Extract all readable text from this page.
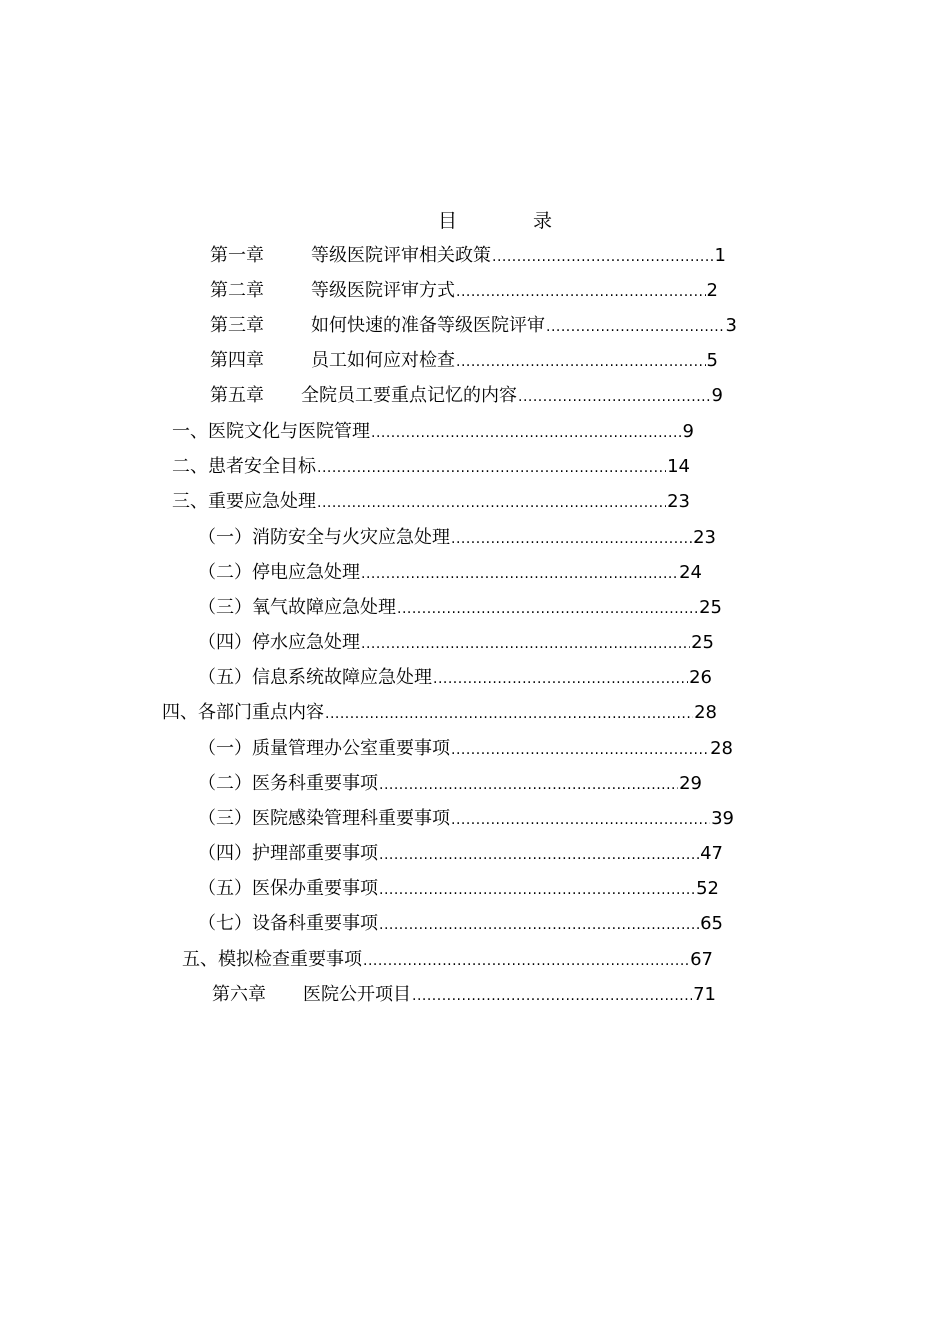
目	录
第一章	等级医院评审相关政策 .....	1
第二章	等级医院评审方式 .....	2
第三章	如何快速的准备等级医院评审 .....	3
第四章	员工如何应对检查 .....	5
第五章	全院员工要重点记忆的内容 .....	9
一、医院文化与医院管理 .....	9
二、患者安全目标 .....	14
三、重要应急处理 .....	23
（一）消防安全与火灾应急处理 .....	23
（二）停电应急处理 .....	24
（三）氧气故障应急处理 .....	25
（四）停水应急处理 .....	25
（五）信息系统故障应急处理 .....	26
四、各部门重点内容 .....	28
（一）质量管理办公室重要事项 .....	28
（二）医务科重要事项 .....	29
（三）医院感染管理科重要事项 .....	39
（四）护理部重要事项 .....	47
（五）医保办重要事项 .....	52
（七）设备科重要事项 .....	65
五、模拟检查重要事项 .....	67
第六章	医院公开项目 .....	71
